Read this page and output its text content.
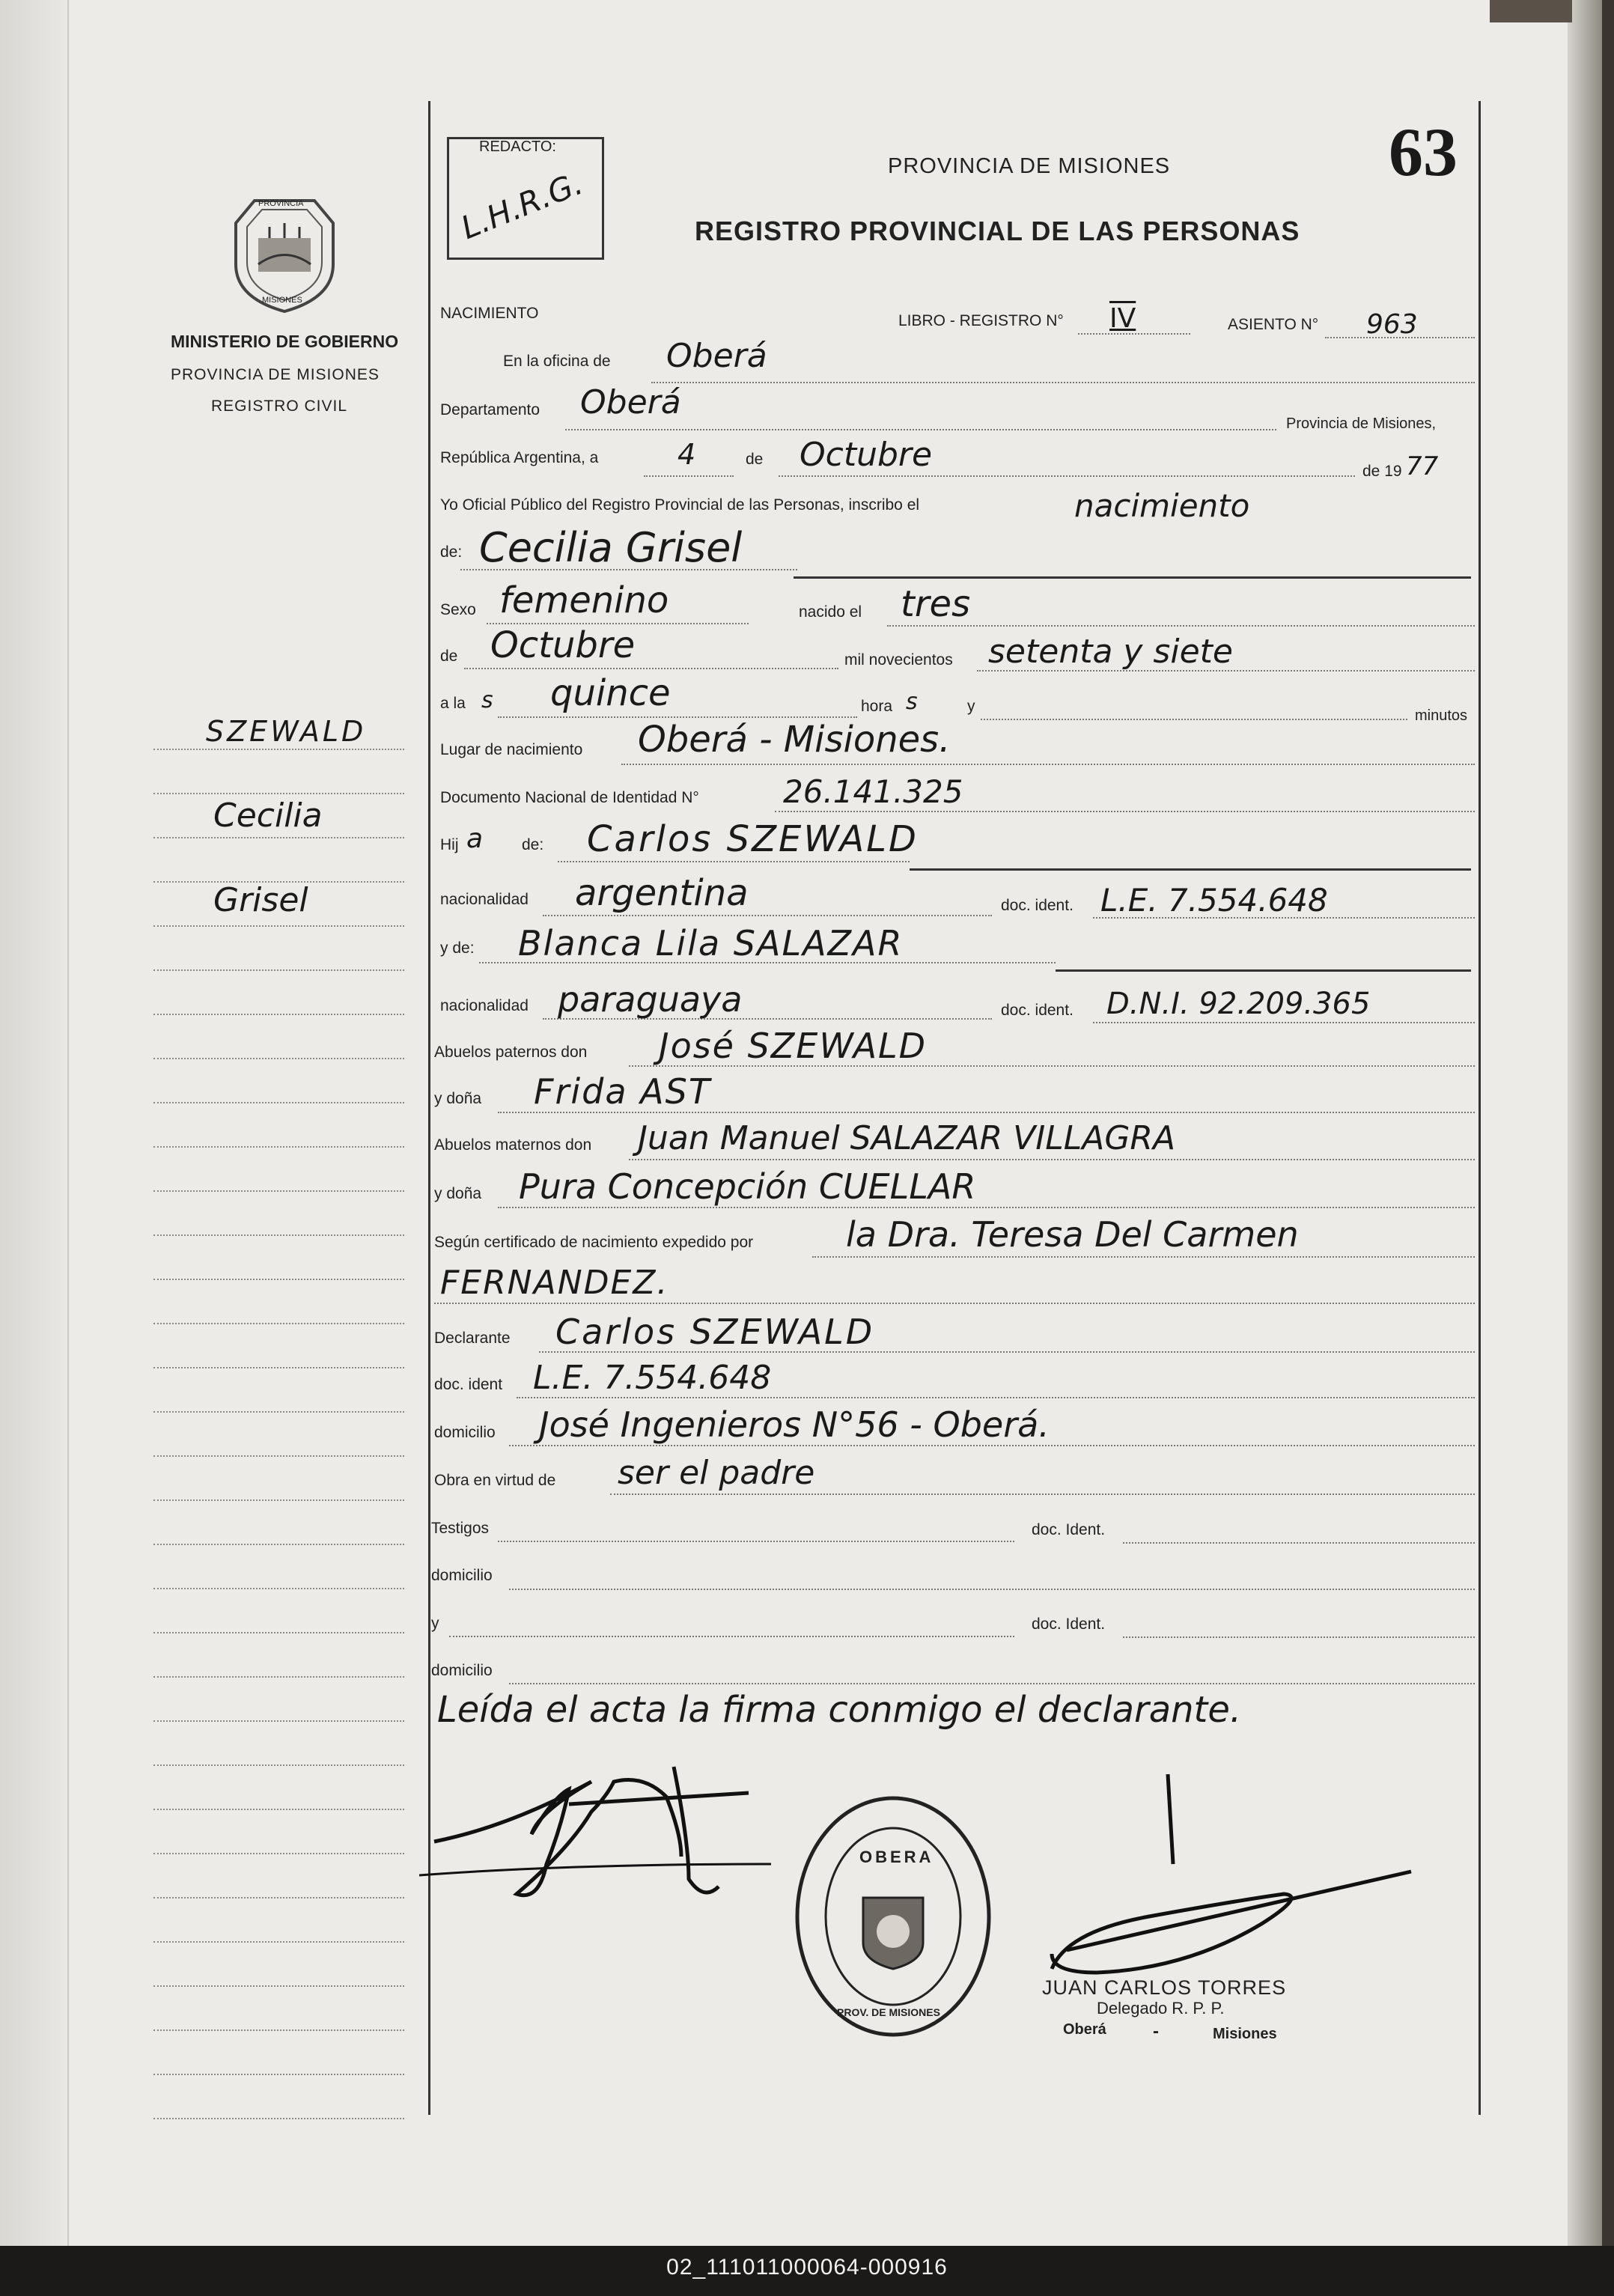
63
PROVINCIA
MISIONES
MINISTERIO DE GOBIERNO
PROVINCIA DE MISIONES
REGISTRO CIVIL
REDACTO:
L.H.R.G.	PROVINCIA DE MISIONES
REGISTRO PROVINCIAL DE LAS PERSONAS
NACIMIENTO	LIBRO - REGISTRO N° IV	ASIENTO N° 963
En la oficina de Oberá
Departamento Oberá
Provincia de Misiones,
República Argentina, a	4	de Octubre	de 19 77
Yo Oficial Público del Registro Provincial de las Personas, inscribo el	nacimiento
de: Cecilia Grisel
Sexo femenino	nacido el tres
de Octubre	mil novecientos setenta y siete
a la s quince	hora s	y
minutos
Lugar de nacimiento Oberá - Misiones.
Documento Nacional de Identidad N°	26.141.325
Hij a de: Carlos SZEWALD
nacionalidad argentina	doc. ident. L.E. 7.554.648
y de: Blanca Lila SALAZAR
nacionalidad paraguaya	doc. ident. D.N.I. 92.209.365
Abuelos paternos don José SZEWALD
y doña Frida AST
Abuelos maternos don Juan Manuel SALAZAR VILLAGRA
y doña Pura Concepción CUELLAR
Según certificado de nacimiento expedido por	la Dra. Teresa Del Carmen
FERNANDEZ.
Declarante Carlos SZEWALD
doc. ident L.E. 7.554.648
domicilio José Ingenieros N°56 - Oberá.
Obra en virtud de ser el padre
Testigos	doc. Ident.
domicilio
y	doc. Ident.
domicilio
Leída el acta la firma conmigo el declarante.
SZEWALD
Cecilia
Grisel
OBERA
PROV. DE MISIONES
JUAN CARLOS TORRES
Delegado R. P. P.
Oberá	-	Misiones
02_111011000064-000916
